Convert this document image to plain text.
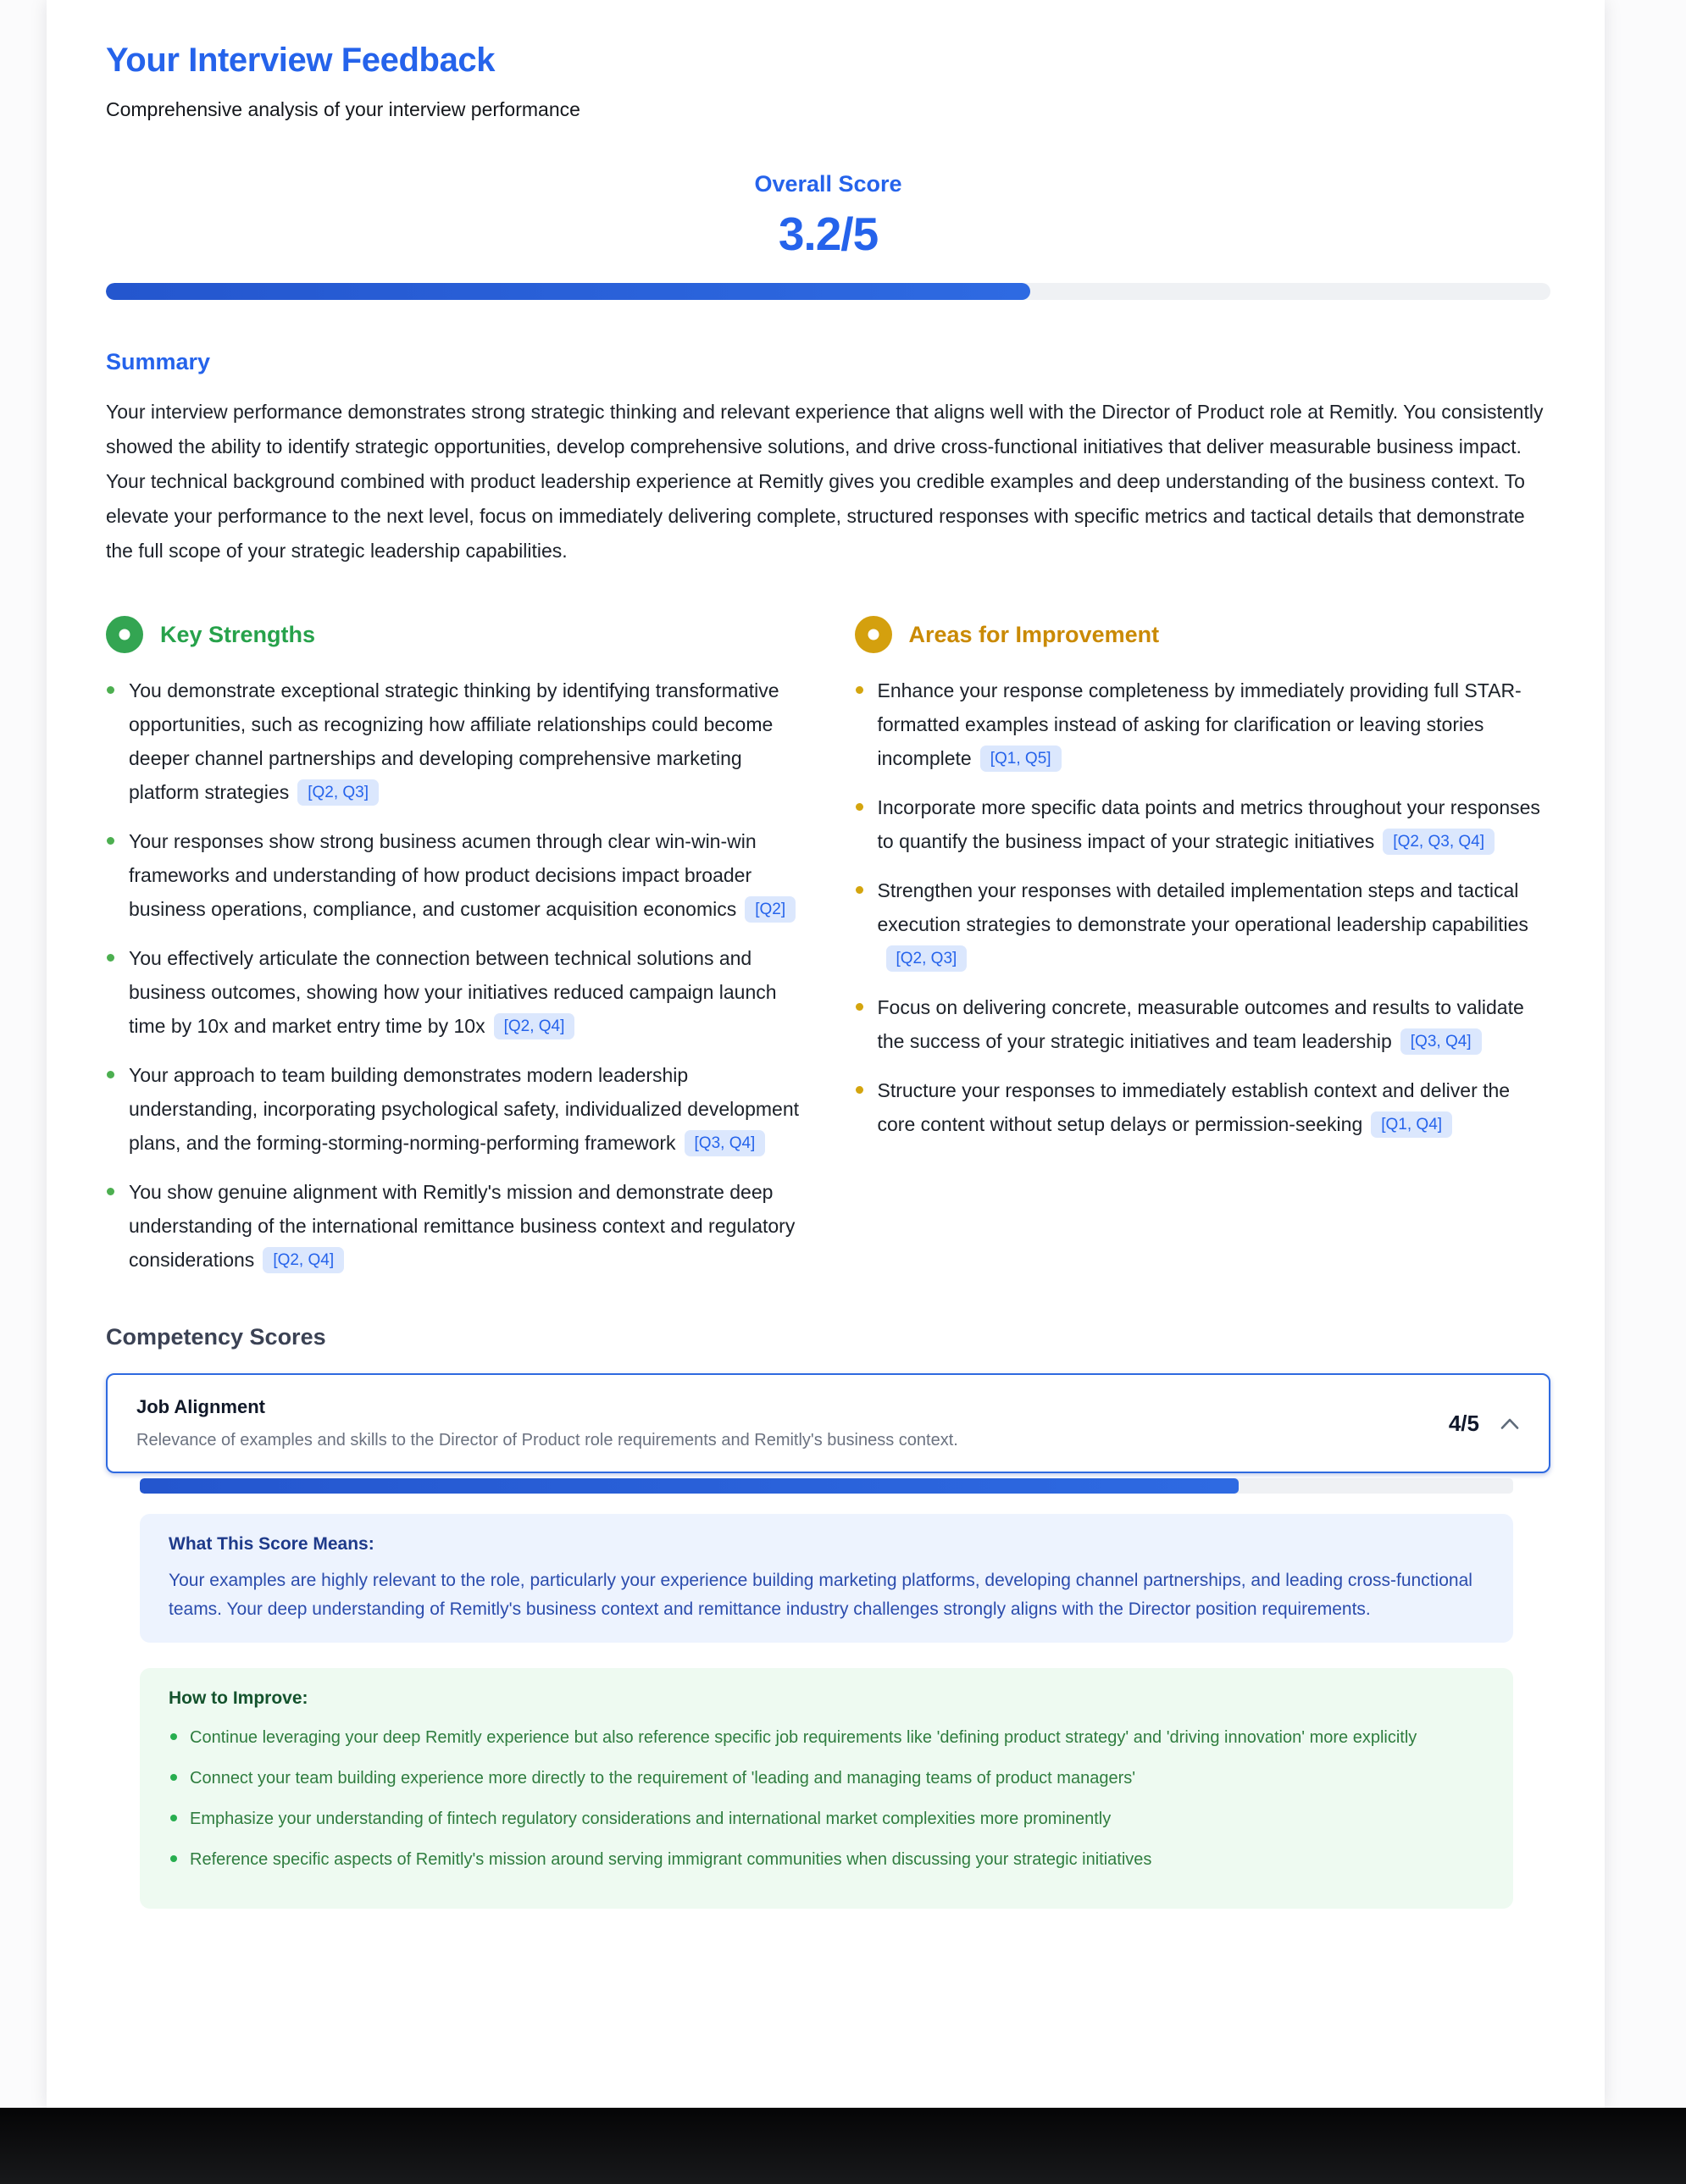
Your Interview Feedback

Comprehensive analysis of your interview performance

Overall Score
3.2/5
Summary

Your interview performance demonstrates strong strategic thinking and relevant experience that aligns well with the Director of Product role at Remitly. You consistently showed the ability to identify strategic opportunities, develop comprehensive solutions, and drive cross-functional initiatives that deliver measurable business impact. Your technical background combined with product leadership experience at Remitly gives you credible examples and deep understanding of the business context. To elevate your performance to the next level, focus on immediately delivering complete, structured responses with specific metrics and tactical details that demonstrate the full scope of your strategic leadership capabilities.

Key Strengths
You demonstrate exceptional strategic thinking by identifying transformative opportunities, such as recognizing how affiliate relationships could become deeper channel partnerships and developing comprehensive marketing platform strategies [Q2, Q3]
Your responses show strong business acumen through clear win-win-win frameworks and understanding of how product decisions impact broader business operations, compliance, and customer acquisition economics [Q2]
You effectively articulate the connection between technical solutions and business outcomes, showing how your initiatives reduced campaign launch time by 10x and market entry time by 10x [Q2, Q4]
Your approach to team building demonstrates modern leadership understanding, incorporating psychological safety, individualized development plans, and the forming-storming-norming-performing framework [Q3, Q4]
You show genuine alignment with Remitly's mission and demonstrate deep understanding of the international remittance business context and regulatory considerations [Q2, Q4]
Areas for Improvement
Enhance your response completeness by immediately providing full STAR-formatted examples instead of asking for clarification or leaving stories incomplete [Q1, Q5]
Incorporate more specific data points and metrics throughout your responses to quantify the business impact of your strategic initiatives [Q2, Q3, Q4]
Strengthen your responses with detailed implementation steps and tactical execution strategies to demonstrate your operational leadership capabilities[Q2, Q3]
Focus on delivering concrete, measurable outcomes and results to validate the success of your strategic initiatives and team leadership [Q3, Q4]
Structure your responses to immediately establish context and deliver the core content without setup delays or permission-seeking [Q1, Q4]
Competency Scores
Job Alignment
Relevance of examples and skills to the Director of Product role requirements and Remitly's business context.
4/5
What This Score Means:

Your examples are highly relevant to the role, particularly your experience building marketing platforms, developing channel partnerships, and leading cross-functional teams. Your deep understanding of Remitly's business context and remittance industry challenges strongly aligns with the Director position requirements.

How to Improve:
Continue leveraging your deep Remitly experience but also reference specific job requirements like 'defining product strategy' and 'driving innovation' more explicitly
Connect your team building experience more directly to the requirement of 'leading and managing teams of product managers'
Emphasize your understanding of fintech regulatory considerations and international market complexities more prominently
Reference specific aspects of Remitly's mission around serving immigrant communities when discussing your strategic initiatives
